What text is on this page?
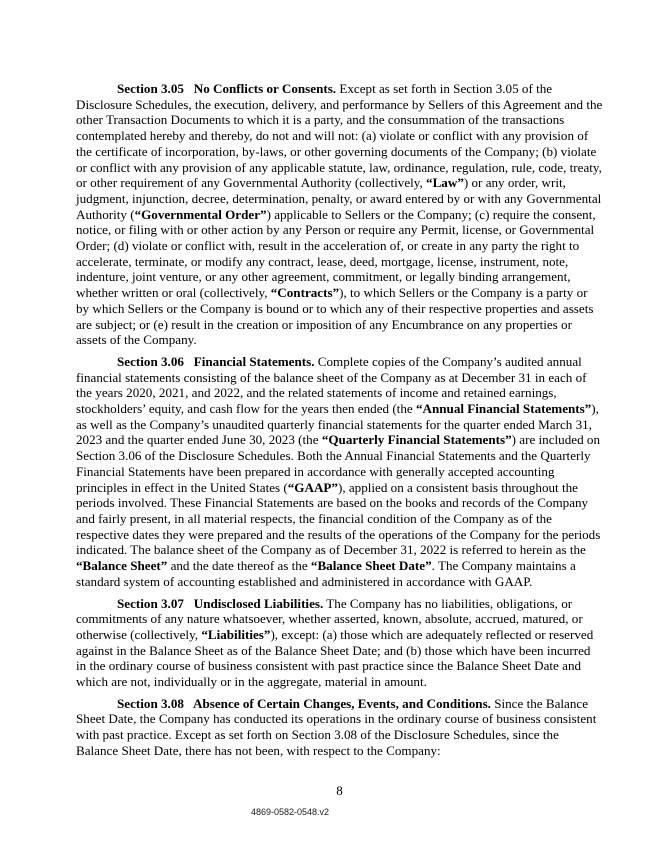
Section 3.05   No Conflicts or Consents. Except as set forth in Section 3.05 of the Disclosure Schedules, the execution, delivery, and performance by Sellers of this Agreement and the other Transaction Documents to which it is a party, and the consummation of the transactions contemplated hereby and thereby, do not and will not: (a) violate or conflict with any provision of the certificate of incorporation, by-laws, or other governing documents of the Company; (b) violate or conflict with any provision of any applicable statute, law, ordinance, regulation, rule, code, treaty, or other requirement of any Governmental Authority (collectively, “Law”) or any order, writ, judgment, injunction, decree, determination, penalty, or award entered by or with any Governmental Authority (“Governmental Order”) applicable to Sellers or the Company; (c) require the consent, notice, or filing with or other action by any Person or require any Permit, license, or Governmental Order; (d) violate or conflict with, result in the acceleration of, or create in any party the right to accelerate, terminate, or modify any contract, lease, deed, mortgage, license, instrument, note, indenture, joint venture, or any other agreement, commitment, or legally binding arrangement, whether written or oral (collectively, “Contracts”), to which Sellers or the Company is a party or by which Sellers or the Company is bound or to which any of their respective properties and assets are subject; or (e) result in the creation or imposition of any Encumbrance on any properties or assets of the Company.

Section 3.06   Financial Statements. Complete copies of the Company’s audited annual financial statements consisting of the balance sheet of the Company as at December 31 in each of the years 2020, 2021, and 2022, and the related statements of income and retained earnings, stockholders’ equity, and cash flow for the years then ended (the “Annual Financial Statements”), as well as the Company’s unaudited quarterly financial statements for the quarter ended March 31, 2023 and the quarter ended June 30, 2023 (the “Quarterly Financial Statements”) are included on Section 3.06 of the Disclosure Schedules. Both the Annual Financial Statements and the Quarterly Financial Statements have been prepared in accordance with generally accepted accounting principles in effect in the United States (“GAAP”), applied on a consistent basis throughout the periods involved. These Financial Statements are based on the books and records of the Company and fairly present, in all material respects, the financial condition of the Company as of the respective dates they were prepared and the results of the operations of the Company for the periods indicated. The balance sheet of the Company as of December 31, 2022 is referred to herein as the “Balance Sheet” and the date thereof as the “Balance Sheet Date”. The Company maintains a standard system of accounting established and administered in accordance with GAAP.

Section 3.07   Undisclosed Liabilities. The Company has no liabilities, obligations, or commitments of any nature whatsoever, whether asserted, known, absolute, accrued, matured, or otherwise (collectively, “Liabilities”), except: (a) those which are adequately reflected or reserved against in the Balance Sheet as of the Balance Sheet Date; and (b) those which have been incurred in the ordinary course of business consistent with past practice since the Balance Sheet Date and which are not, individually or in the aggregate, material in amount.

Section 3.08   Absence of Certain Changes, Events, and Conditions. Since the Balance Sheet Date, the Company has conducted its operations in the ordinary course of business consistent with past practice. Except as set forth on Section 3.08 of the Disclosure Schedules, since the Balance Sheet Date, there has not been, with respect to the Company:

8
4869-0582-0548.v2
